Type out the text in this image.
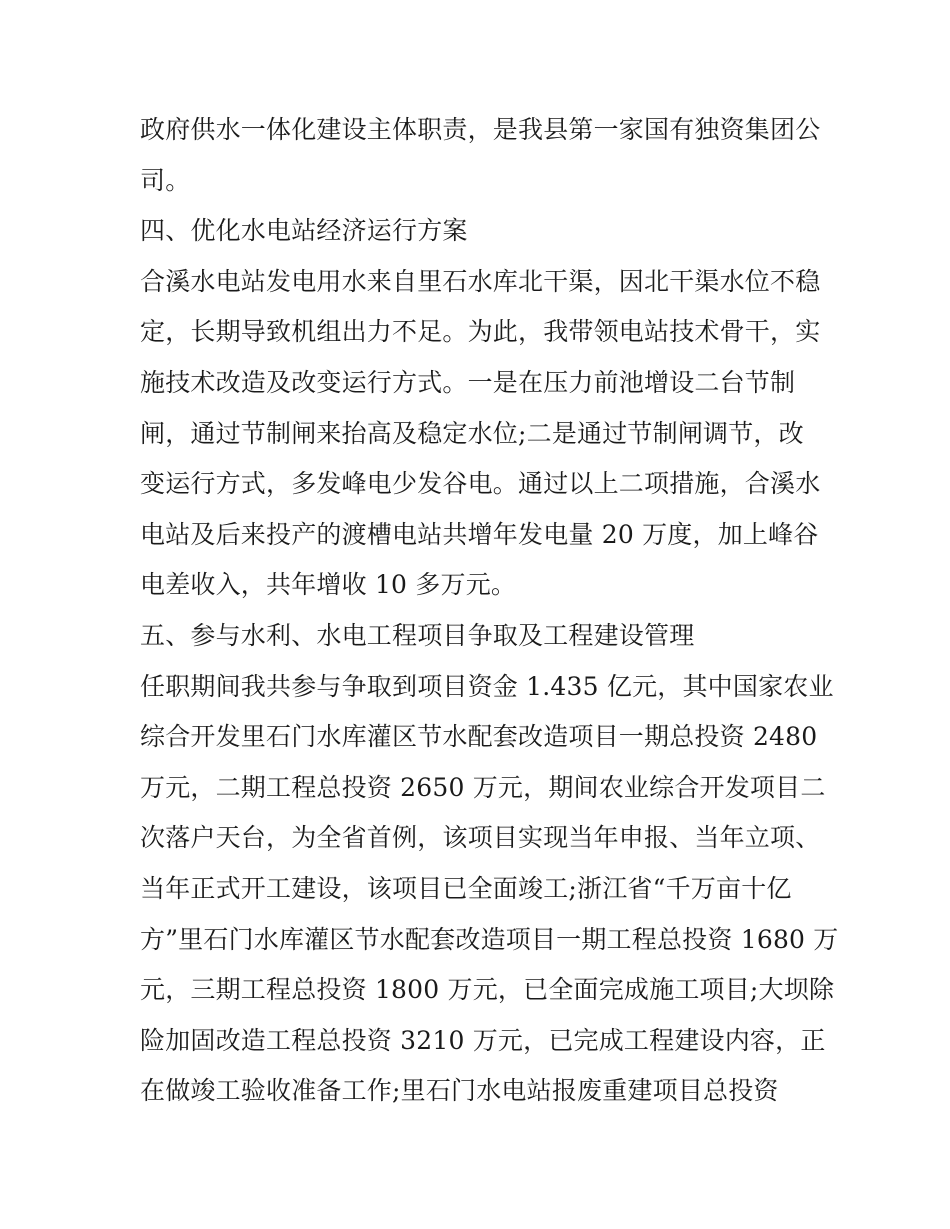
政府供水一体化建设主体职责，是我县第一家国有独资集团公
司。
四、优化水电站经济运行方案
合溪水电站发电用水来自里石水库北干渠，因北干渠水位不稳
定，长期导致机组出力不足。为此，我带领电站技术骨干，实
施技术改造及改变运行方式。一是在压力前池增设二台节制
闸，通过节制闸来抬高及稳定水位;二是通过节制闸调节，改
变运行方式，多发峰电少发谷电。通过以上二项措施，合溪水
电站及后来投产的渡槽电站共增年发电量 20 万度，加上峰谷
电差收入，共年增收 10 多万元。
五、参与水利、水电工程项目争取及工程建设管理
任职期间我共参与争取到项目资金 1.435 亿元，其中国家农业
综合开发里石门水库灌区节水配套改造项目一期总投资 2480
万元，二期工程总投资 2650 万元，期间农业综合开发项目二
次落户天台，为全省首例，该项目实现当年申报、当年立项、
当年正式开工建设，该项目已全面竣工;浙江省“千万亩十亿
方”里石门水库灌区节水配套改造项目一期工程总投资 1680 万
元，三期工程总投资 1800 万元，已全面完成施工项目;大坝除
险加固改造工程总投资 3210 万元，已完成工程建设内容，正
在做竣工验收准备工作;里石门水电站报废重建项目总投资
